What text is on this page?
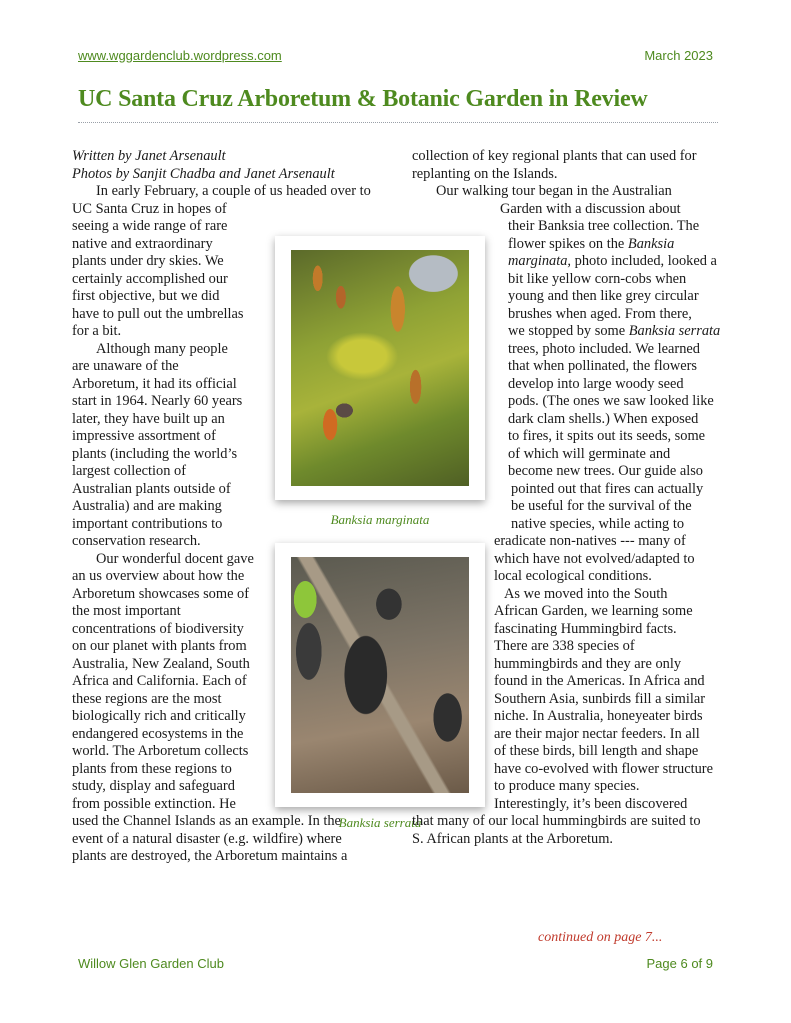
www.wggardenclub.wordpress.com	March 2023
UC Santa Cruz Arboretum & Botanic Garden in Review
Written by Janet Arsenault
Photos by Sanjit Chadba and Janet Arsenault
In early February, a couple of us headed over to
UC Santa Cruz in hopes of
seeing a wide range of rare
native and extraordinary
plants under dry skies. We
certainly accomplished our
first objective, but we did
have to pull out the umbrellas
for a bit.
Although many people
are unaware of the
Arboretum, it had its official
start in 1964. Nearly 60 years
later, they have built up an
impressive assortment of
plants (including the world’s
largest collection of
Australian plants outside of
Australia) and are making
important contributions to
conservation research.
Our wonderful docent gave
an us overview about how the
Arboretum showcases some of
the most important
concentrations of biodiversity
on our planet with plants from
Australia, New Zealand, South
Africa and California. Each of
these regions are the most
biologically rich and critically
endangered ecosystems in the
world. The Arboretum collects
plants from these regions to
study, display and safeguard
from possible extinction. He
used the Channel Islands as an example. In the
event of a natural disaster (e.g. wildfire) where
plants are destroyed, the Arboretum maintains a
Banksia marginata
Banksia serrata
collection of key regional plants that can used for
replanting on the Islands.
Our walking tour began in the Australian
Garden with a discussion about
their Banksia tree collection. The
flower spikes on the Banksia
marginata, photo included, looked a
bit like yellow corn-cobs when
young and then like grey circular
brushes when aged. From there,
we stopped by some Banksia serrata
trees, photo included. We learned
that when pollinated, the flowers
develop into large woody seed
pods. (The ones we saw looked like
dark clam shells.) When exposed
to fires, it spits out its seeds, some
of which will germinate and
become new trees. Our guide also
pointed out that fires can actually
be useful for the survival of the
native species, while acting to
eradicate non-natives --- many of
which have not evolved/adapted to
local ecological conditions.
As we moved into the South
African Garden, we learning some
fascinating Hummingbird facts.
There are 338 species of
hummingbirds and they are only
found in the Americas. In Africa and
Southern Asia, sunbirds fill a similar
niche. In Australia, honeyeater birds
are their major nectar feeders. In all
of these birds, bill length and shape
have co-evolved with flower structure
to produce many species.
Interestingly, it’s been discovered
that many of our local hummingbirds are suited to
S. African plants at the Arboretum.
continued on page 7...
Willow Glen Garden Club	Page 6 of 9
